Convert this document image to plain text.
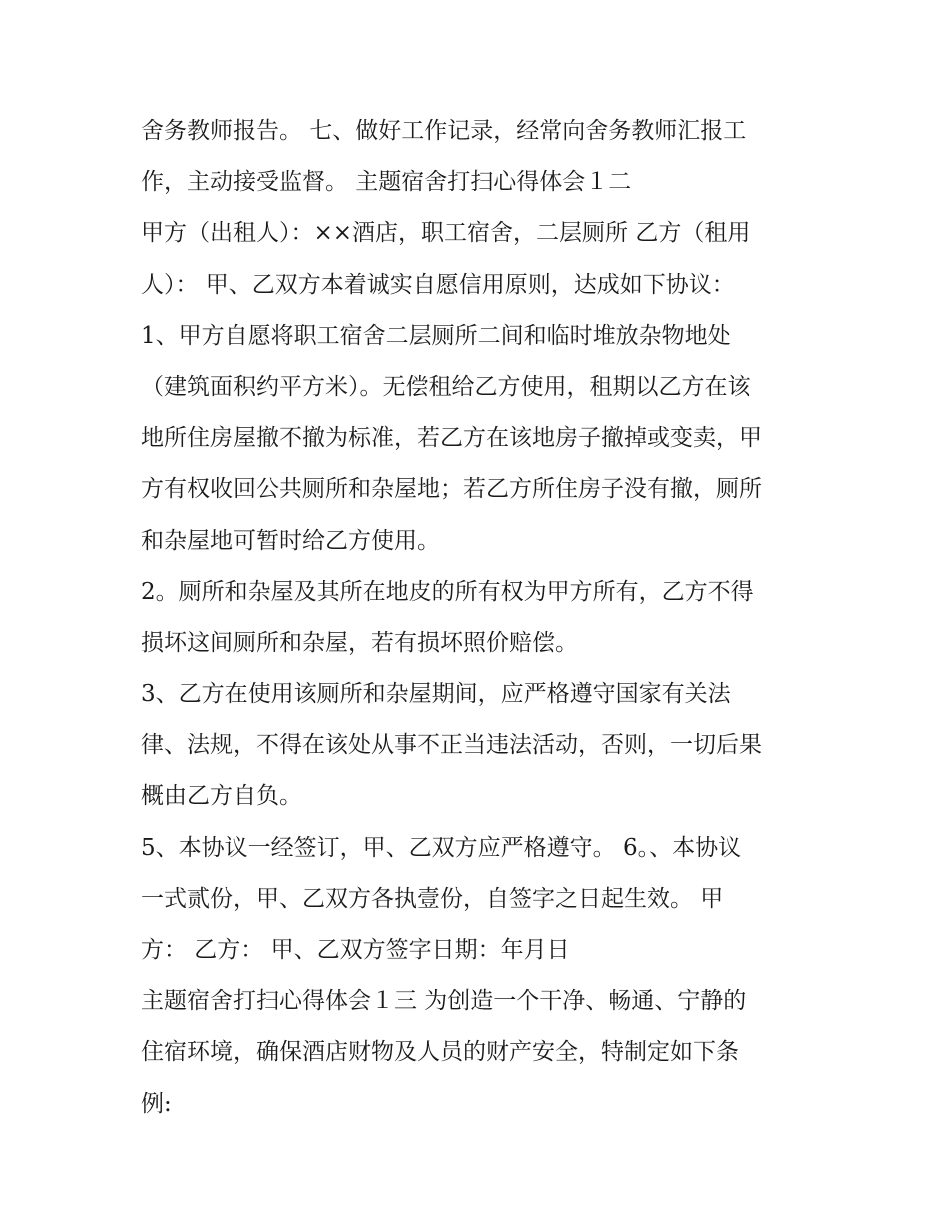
舍务教师报告。 七、做好工作记录，经常向舍务教师汇报工
作，主动接受监督。 主题宿舍打扫心得体会１二
甲方（出租人）：××酒店，职工宿舍，二层厕所 乙方（租用
人）： 甲、乙双方本着诚实自愿信用原则，达成如下协议：
1、甲方自愿将职工宿舍二层厕所二间和临时堆放杂物地处
（建筑面积约平方米）。无偿租给乙方使用，租期以乙方在该
地所住房屋撤不撤为标准，若乙方在该地房子撤掉或变卖，甲
方有权收回公共厕所和杂屋地；若乙方所住房子没有撤，厕所
和杂屋地可暂时给乙方使用。
2。厕所和杂屋及其所在地皮的所有权为甲方所有，乙方不得
损坏这间厕所和杂屋，若有损坏照价赔偿。
3、乙方在使用该厕所和杂屋期间，应严格遵守国家有关法
律、法规，不得在该处从事不正当违法活动，否则，一切后果
概由乙方自负。
5、本协议一经签订，甲、乙双方应严格遵守。 6。、本协议
一式贰份，甲、乙双方各执壹份，自签字之日起生效。 甲
方： 乙方： 甲、乙双方签字日期：年月日
主题宿舍打扫心得体会１三 为创造一个干净、畅通、宁静的
住宿环境，确保酒店财物及人员的财产安全，特制定如下条
例:
